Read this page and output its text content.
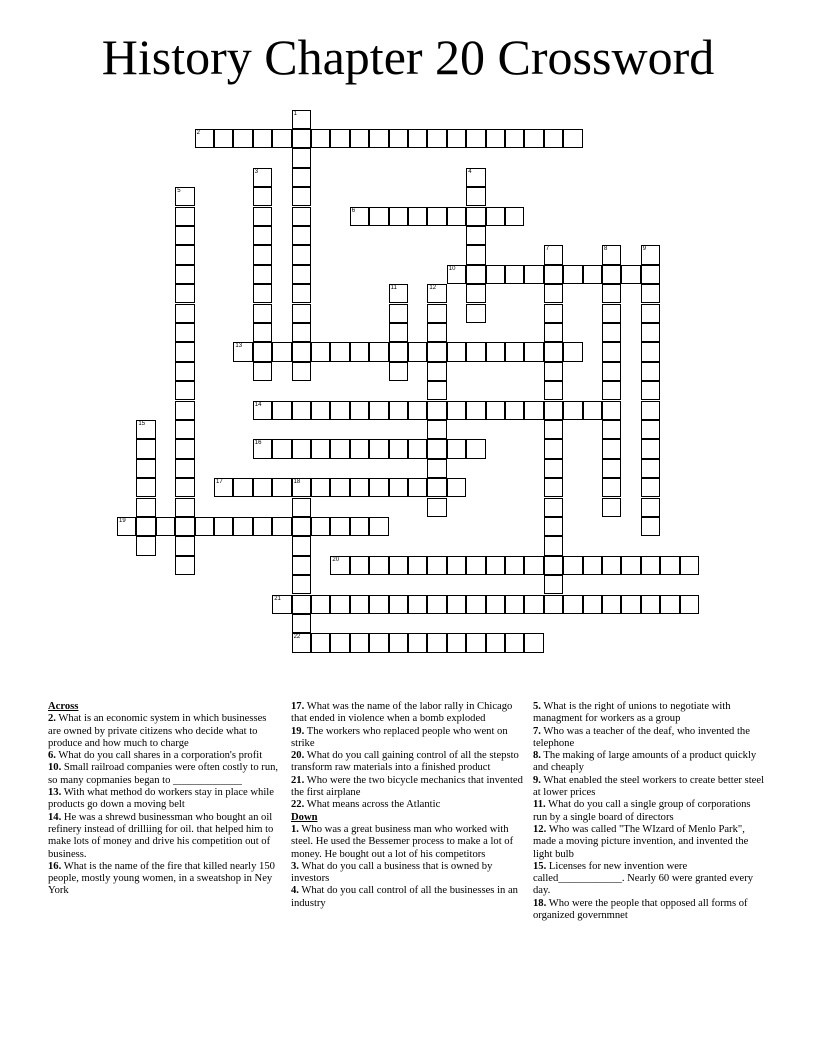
History Chapter 20 Crossword
1
2
3	4
5
6
7	8	9
10
11	12
13
14
15
16
17	18
22
19
20
21
Across
2. What is an economic system in which businesses are owned by private citizens who decide what to produce and how much to charge
6. What do you call shares in a corporation's profit
10. Small railroad companies were often costly to run, so many copmanies began to _____________
13. With what method do workers stay in place while products go down a moving belt
14. He was a shrewd businessman who bought an oil refinery instead of drilliing for oil. that helped him to make lots of money and drive his competition out of business.
16. What is the name of the fire that killed nearly 150 people, mostly young women, in a sweatshop in Ney York
17. What was the name of the labor rally in Chicago that ended in violence when a bomb exploded
19. The workers who replaced people who went on strike
20. What do you call gaining control of all the stepsto transform raw materials into a finished product
21. Who were the two bicycle mechanics that invented the first airplane
22. What means across the Atlantic
Down
1. Who was a great business man who worked with steel. He used the Bessemer process to make a lot of money. He bought out a lot of his competitors
3. What do you call a business that is owned by investors
4. What do you call control of all the businesses in an industry
5. What is the right of unions to negotiate with managment for workers as a group
7. Who was a teacher of the deaf, who invented the telephone
8. The making of large amounts of a product quickly and cheaply
9. What enabled the steel workers to create better steel at lower prices
11. What do you call a single group of corporations run by a single board of directors
12. Who was called "The WIzard of Menlo Park", made a moving picture invention, and invented the light bulb
15. Licenses for new invention were called____________. Nearly 60 were granted every day.
18. Who were the people that opposed all forms of organized governmnet
